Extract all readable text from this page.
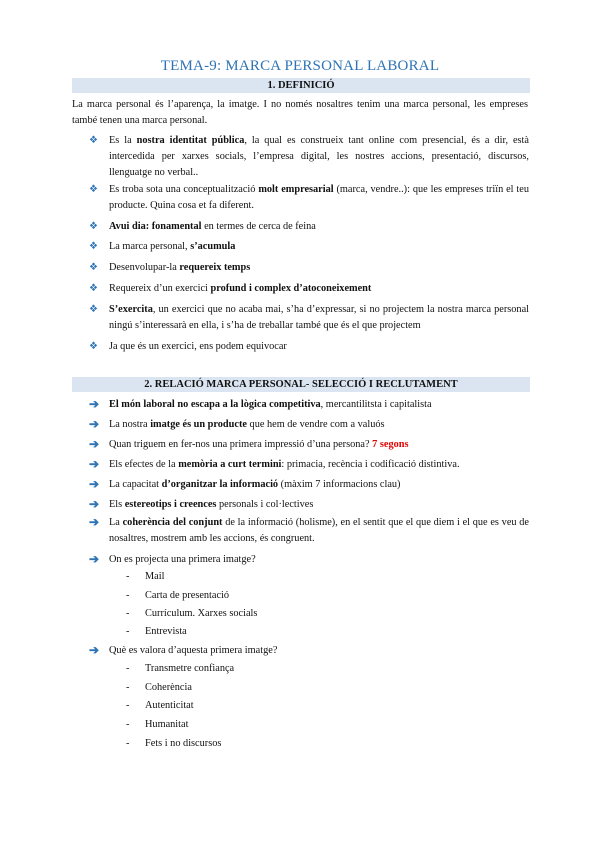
TEMA-9: MARCA PERSONAL LABORAL
1. DEFINICIÓ
La marca personal és l’aparença, la imatge. I no només nosaltres tenim una marca personal, les empreses també tenen una marca personal.
❖	Es la nostra identitat pública, la qual es construeix tant online com presencial, és a dir, està intercedida per xarxes socials, l’empresa digital, les nostres accions, presentació, discursos, llenguatge no verbal..
❖	Es troba sota una conceptualització molt empresarial (marca, vendre..): que les empreses triïn el teu producte. Quina cosa et fa diferent.
❖	Avui dia: fonamental en termes de cerca de feina
❖	La marca personal, s’acumula
❖	Desenvolupar-la requereix temps
❖	Requereix d’un exercici profund i complex d’atoconeixement
❖	S’exercita, un exercici que no acaba mai, s’ha d’expressar, si no projectem la nostra marca personal ningú s’interessarà en ella, i s’ha de treballar també que és el que projectem
❖	Ja que és un exercici, ens podem equivocar
2. RELACIÓ MARCA PERSONAL- SELECCIÓ I RECLUTAMENT
➔ El món laboral no escapa a la lògica competitiva, mercantilitsta i capitalista
➔ La nostra imatge és un producte que hem de vendre com a valuós
➔ Quan triguem en fer-nos una primera impressió d’una persona? 7 segons
➔ Els efectes de la memòria a curt termini: primacia, recència i codificació distintiva.
➔ La capacitat d’organitzar la informació (màxim 7 informacions clau)
➔ Els estereotips i creences personals i col·lectives
➔ La coherència del conjunt de la informació (holisme), en el sentit que el que diem i el que es veu de nosaltres, mostrem amb les accions, és congruent.
➔ On es projecta una primera imatge?
- Mail
- Carta de presentació
- Currículum. Xarxes socials
- Entrevista
➔ Què es valora d’aquesta primera imatge?
- Transmetre confiança
- Coherència
- Autenticitat
- Humanitat
- Fets i no discursos
